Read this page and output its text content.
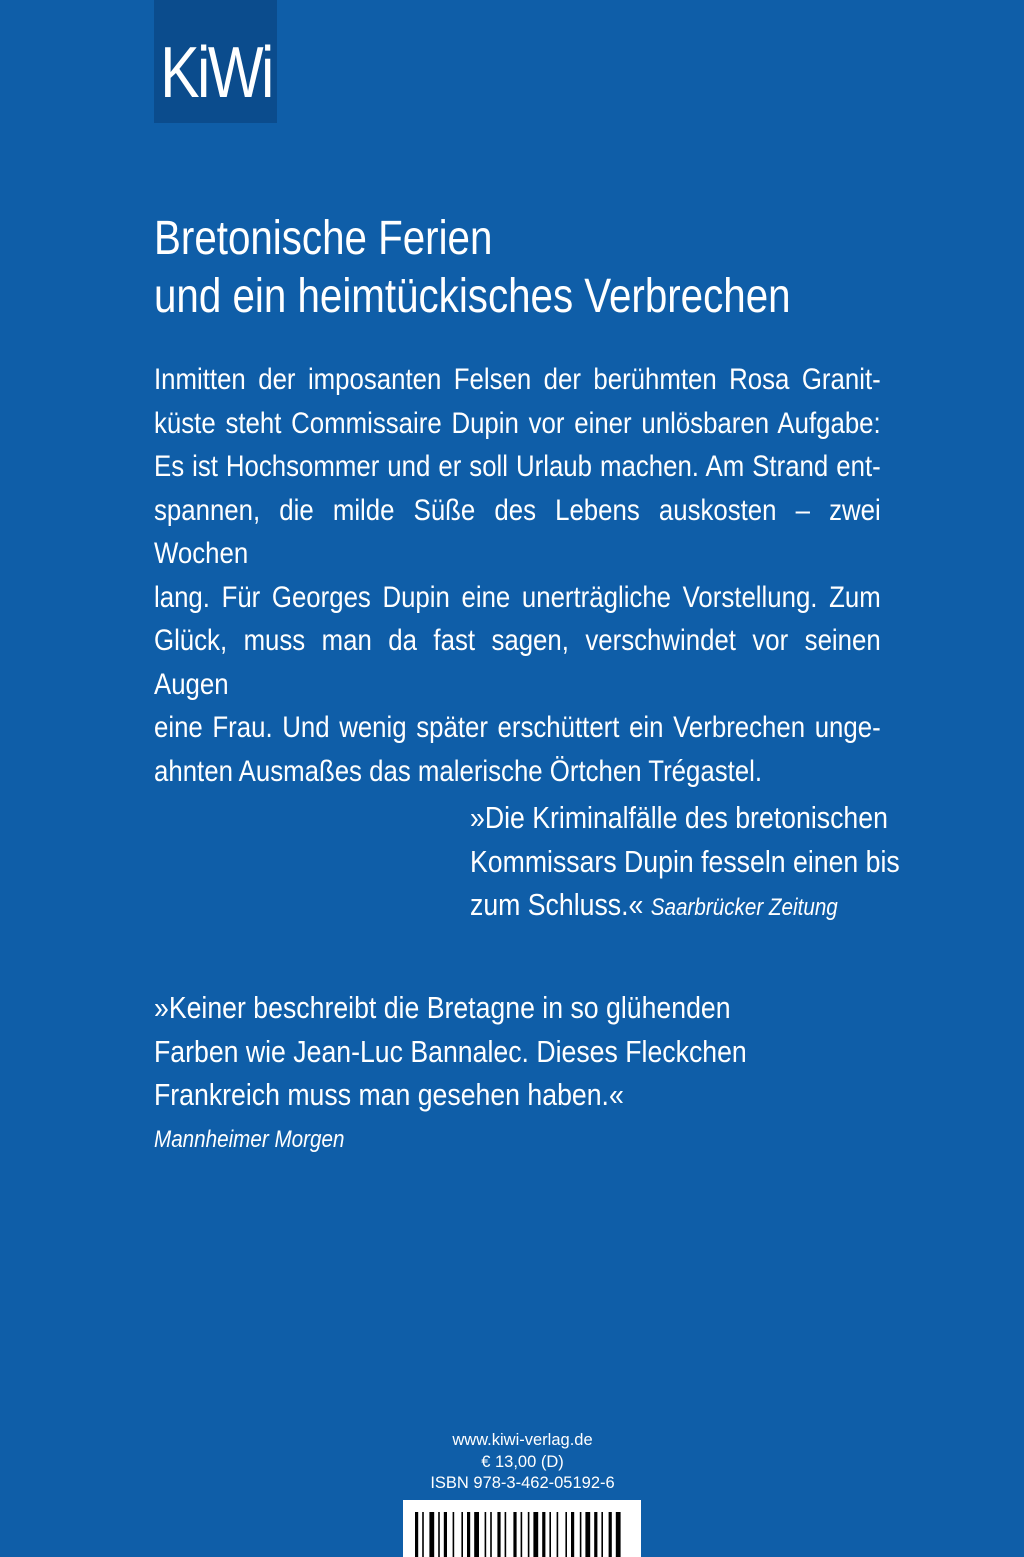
KiWi
Bretonische Ferien
und ein heimtückisches Verbrechen
Inmitten der imposanten Felsen der berühmten Rosa Granit-
küste steht Commissaire Dupin vor einer unlösbaren Aufgabe:
Es ist Hochsommer und er soll Urlaub machen. Am Strand ent-
spannen, die milde Süße des Lebens auskosten – zwei Wochen
lang. Für Georges Dupin eine unerträgliche Vorstellung. Zum
Glück, muss man da fast sagen, verschwindet vor seinen Augen
eine Frau. Und wenig später erschüttert ein Verbrechen unge-
ahnten Ausmaßes das malerische Örtchen Trégastel.
»Die Kriminalfälle des bretonischen
Kommissars Dupin fesseln einen bis
zum Schluss.« Saarbrücker Zeitung
»Keiner beschreibt die Bretagne in so glühenden
Farben wie Jean-Luc Bannalec. Dieses Fleckchen
Frankreich muss man gesehen haben.«
Mannheimer Morgen
www.kiwi-verlag.de
€ 13,00 (D)
ISBN 978-3-462-05192-6
